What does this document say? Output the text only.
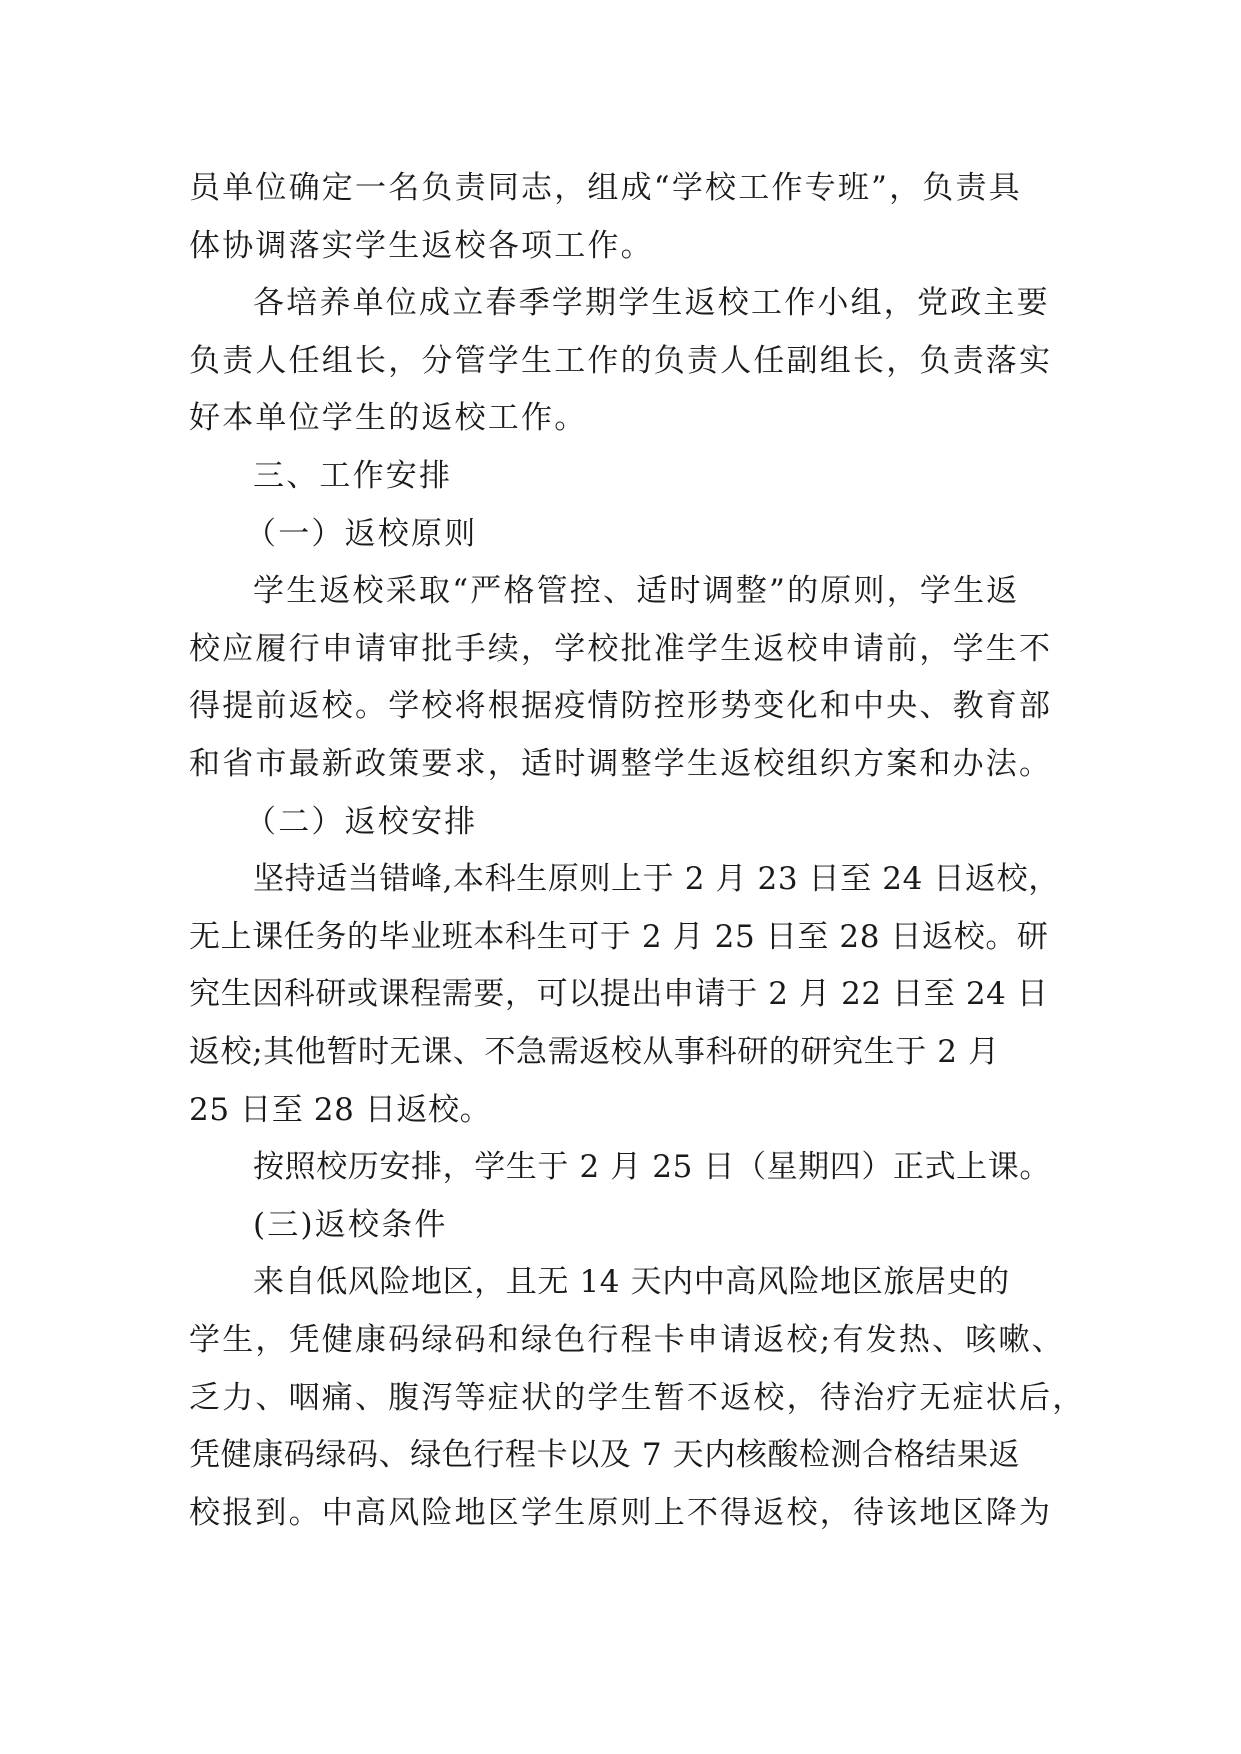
员单位确定一名负责同志，组成“学校工作专班”，负责具
体协调落实学生返校各项工作。
各培养单位成立春季学期学生返校工作小组，党政主要
负责人任组长，分管学生工作的负责人任副组长，负责落实
好本单位学生的返校工作。
三、工作安排
（一）返校原则
学生返校采取“严格管控、适时调整”的原则，学生返
校应履行申请审批手续，学校批准学生返校申请前，学生不
得提前返校。学校将根据疫情防控形势变化和中央、教育部
和省市最新政策要求，适时调整学生返校组织方案和办法。
（二）返校安排
坚持适当错峰,本科生原则上于 2 月 23 日至 24 日返校，
无上课任务的毕业班本科生可于 2 月 25 日至 28 日返校。研
究生因科研或课程需要，可以提出申请于 2 月 22 日至 24 日
返校;其他暂时无课、不急需返校从事科研的研究生于 2 月
25 日至 28 日返校。
按照校历安排，学生于 2 月 25 日（星期四）正式上课。
(三)返校条件
来自低风险地区，且无 14 天内中高风险地区旅居史的
学生，凭健康码绿码和绿色行程卡申请返校;有发热、咳嗽、
乏力、咽痛、腹泻等症状的学生暂不返校，待治疗无症状后，
凭健康码绿码、绿色行程卡以及 7 天内核酸检测合格结果返
校报到。中高风险地区学生原则上不得返校，待该地区降为
